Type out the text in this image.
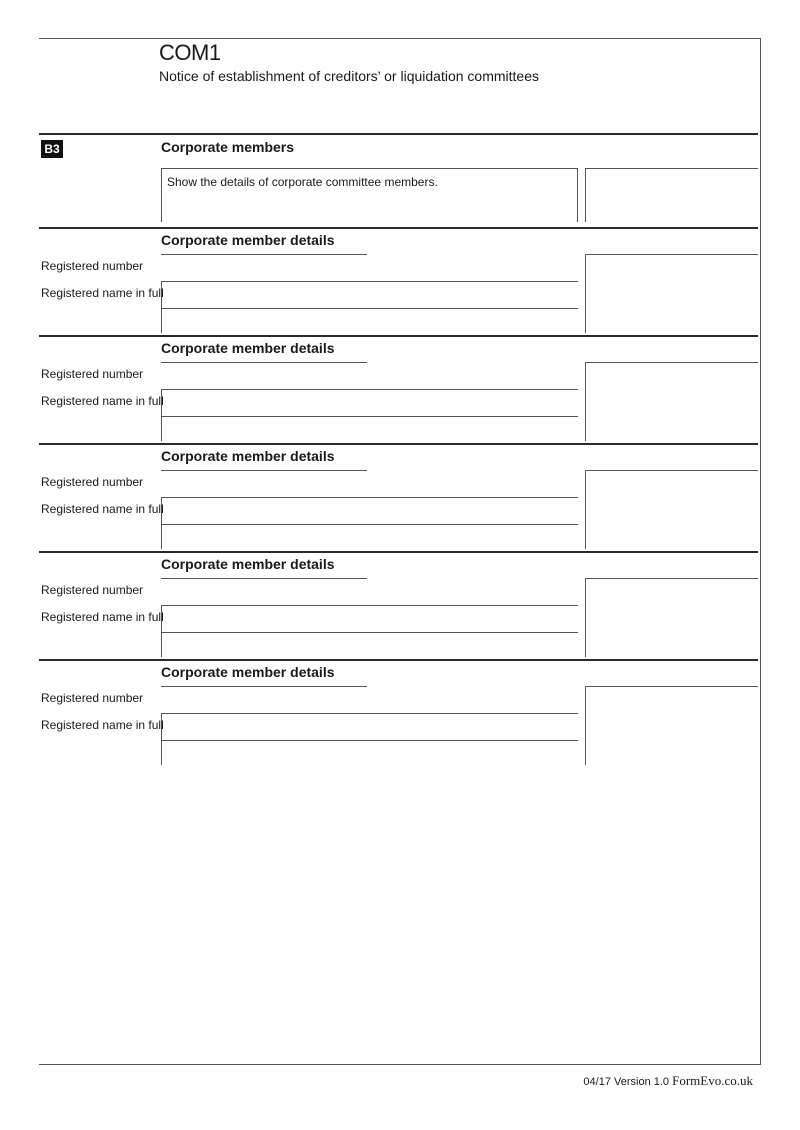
COM1
Notice of establishment of creditors’ or liquidation committees
B3	Corporate members
Show the details of corporate committee members.
Corporate member details
Registered number
Registered name in full
Corporate member details
Registered number
Registered name in full
Corporate member details
Registered number
Registered name in full
Corporate member details
Registered number
Registered name in full
Corporate member details
Registered number
Registered name in full
04/17 Version 1.0 FormEvo.co.uk
